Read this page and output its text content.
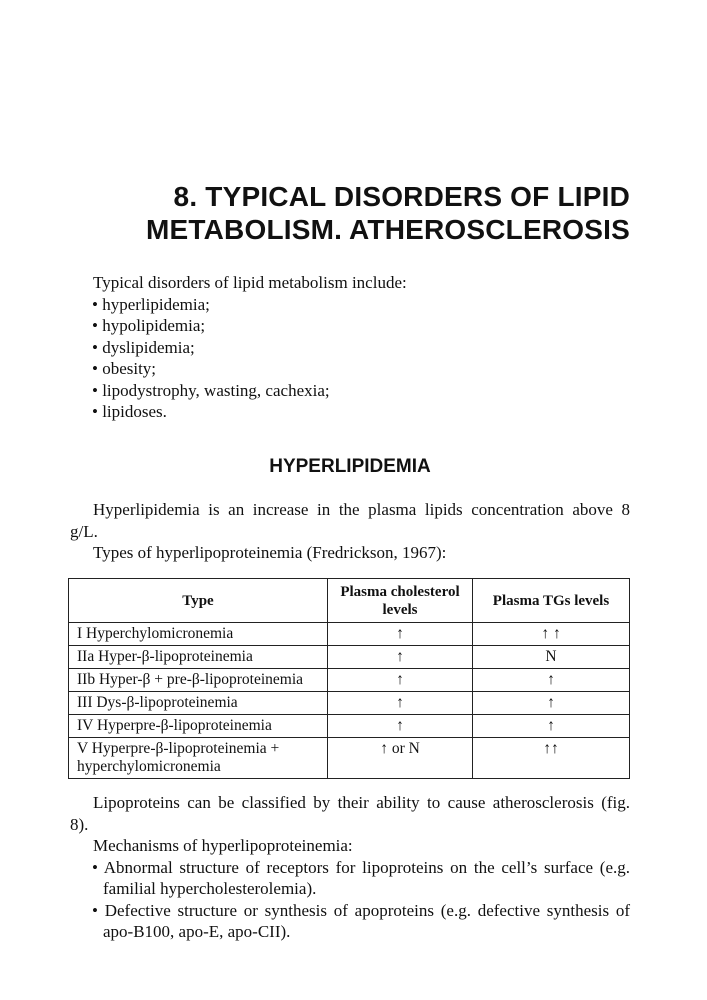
8. TYPICAL DISORDERS OF LIPID
METABOLISM. ATHEROSCLEROSIS
Typical disorders of lipid metabolism include:
• hyperlipidemia;
• hypolipidemia;
• dyslipidemia;
• obesity;
• lipodystrophy, wasting, cachexia;
• lipidoses.
HYPERLIPIDEMIA
Hyperlipidemia is an increase in the plasma lipids concentration above 8 g/L.
Types of hyperlipoproteinemia (Fredrickson, 1967):
Type	Plasma cholesterol levels	Plasma TGs levels
I Hyperchylomicronemia	↑	↑ ↑
IIa Hyper-β-lipoproteinemia	↑	N
IIb Hyper-β + pre-β-lipoproteinemia	↑	↑
III Dys-β-lipoproteinemia	↑	↑
IV Hyperpre-β-lipoproteinemia	↑	↑
V Hyperpre-β-lipoproteinemia + hyperchylomicronemia	↑ or N	↑↑
Lipoproteins can be classified by their ability to cause atherosclerosis (fig. 8).
Mechanisms of hyperlipoproteinemia:
• Abnormal structure of receptors for lipoproteins on the cell’s surface (e.g. familial hypercholesterolemia).
• Defective structure or synthesis of apoproteins (e.g. defective synthesis of apo-B100, apo-E, apo-CII).
